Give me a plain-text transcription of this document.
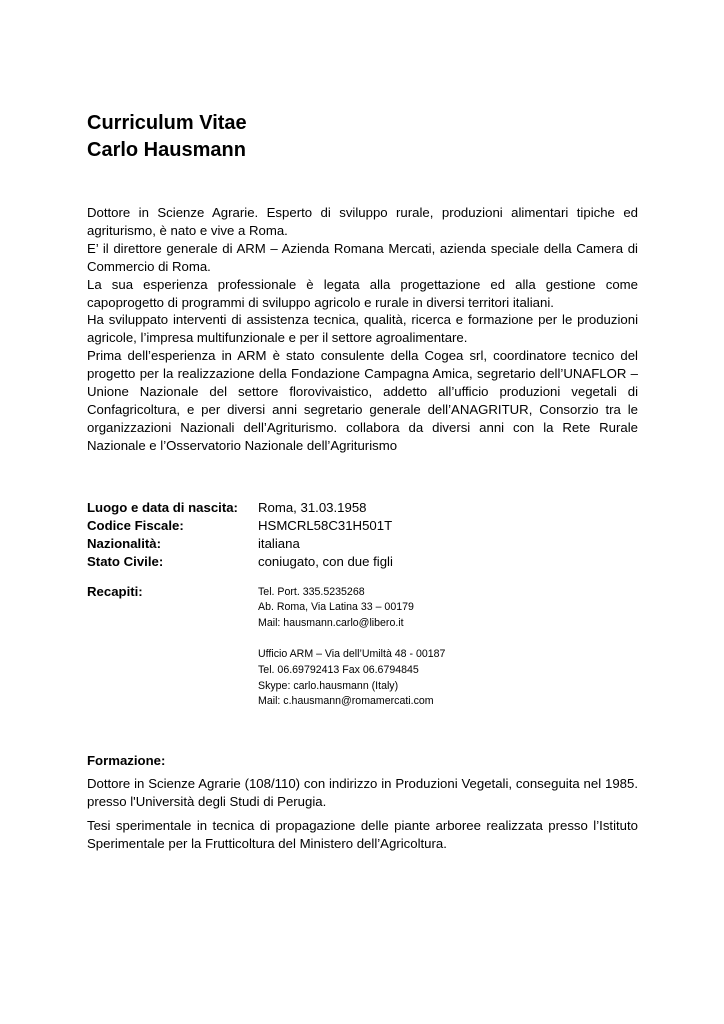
Curriculum Vitae
Carlo Hausmann

Dottore in Scienze Agrarie. Esperto di sviluppo rurale, produzioni alimentari tipiche ed agriturismo, è nato e vive a Roma.

E’ il direttore generale di ARM – Azienda Romana Mercati, azienda speciale della Camera di Commercio di Roma.

La sua esperienza professionale è legata alla progettazione ed alla gestione come capoprogetto di programmi di sviluppo agricolo e rurale in diversi territori italiani.

Ha sviluppato interventi di assistenza tecnica, qualità, ricerca e formazione per le produzioni agricole, l’impresa multifunzionale e per il settore agroalimentare.

Prima dell’esperienza in ARM è stato consulente della Cogea srl, coordinatore tecnico del progetto per la realizzazione della Fondazione Campagna Amica, segretario dell’UNAFLOR – Unione Nazionale del settore florovivaistico, addetto all’ufficio produzioni vegetali di Confagricoltura, e per diversi anni segretario generale dell’ANAGRITUR, Consorzio tra le organizzazioni Nazionali dell’Agriturismo. collabora da diversi anni con la Rete Rurale Nazionale e l’Osservatorio Nazionale dell’Agriturismo

Luogo e data di nascita:	Roma, 31.03.1958
Codice Fiscale:	HSMCRL58C31H501T
Nazionalità:	italiana
Stato Civile:	coniugato, con due figli
Recapiti:	Tel. Port. 335.5235268
Ab. Roma, Via Latina 33 – 00179
Mail: hausmann.carlo@libero.it
Ufficio ARM – Via dell’Umiltà 48 - 00187
Tel. 06.69792413 Fax 06.6794845
Skype: carlo.hausmann (Italy)
Mail: c.hausmann@romamercati.com
Formazione:

Dottore in Scienze Agrarie (108/110) con indirizzo in Produzioni Vegetali, conseguita nel 1985. presso l'Università degli Studi di Perugia.

Tesi sperimentale in tecnica di propagazione delle piante arboree realizzata presso l’Istituto Sperimentale per la Frutticoltura del Ministero dell’Agricoltura.
